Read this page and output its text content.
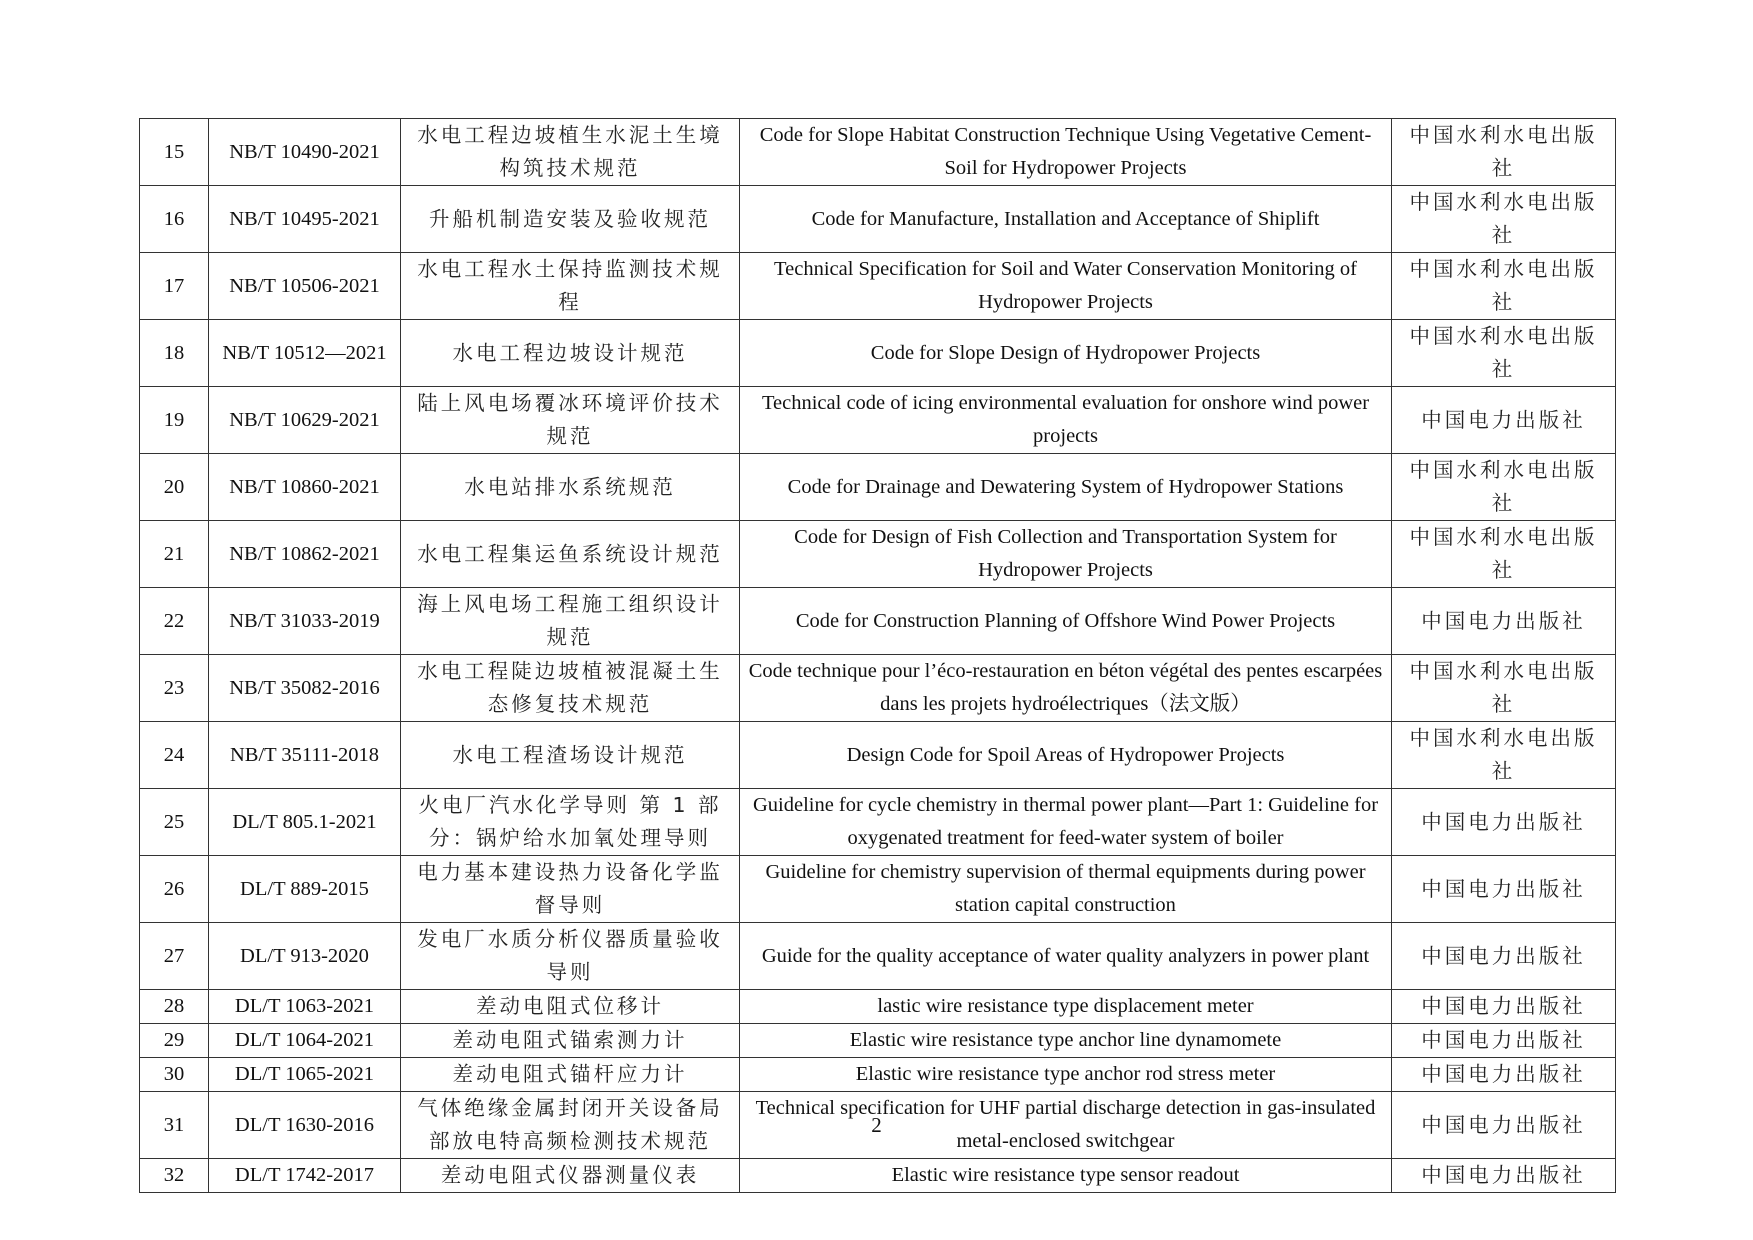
15	NB/T 10490-2021	水电工程边坡植生水泥土生境构筑技术规范	Code for Slope Habitat Construction Technique Using Vegetative Cement-Soil for Hydropower Projects	中国水利水电出版社
16	NB/T 10495-2021	升船机制造安装及验收规范	Code for Manufacture, Installation and Acceptance of Shiplift	中国水利水电出版社
17	NB/T 10506-2021	水电工程水土保持监测技术规程	Technical Specification for Soil and Water Conservation Monitoring of Hydropower Projects	中国水利水电出版社
18	NB/T 10512—2021	水电工程边坡设计规范	Code for Slope Design of Hydropower Projects	中国水利水电出版社
19	NB/T 10629-2021	陆上风电场覆冰环境评价技术规范	Technical code of icing environmental evaluation for onshore wind power projects	中国电力出版社
20	NB/T 10860-2021	水电站排水系统规范	Code for Drainage and Dewatering System of Hydropower Stations	中国水利水电出版社
21	NB/T 10862-2021	水电工程集运鱼系统设计规范	Code for Design of Fish Collection and Transportation System for Hydropower Projects	中国水利水电出版社
22	NB/T 31033-2019	海上风电场工程施工组织设计规范	Code for Construction Planning of Offshore Wind Power Projects	中国电力出版社
23	NB/T 35082-2016	水电工程陡边坡植被混凝土生态修复技术规范	Code technique pour l’éco-restauration en béton végétal des pentes escarpées dans les projets hydroélectriques（法文版）	中国水利水电出版社
24	NB/T 35111-2018	水电工程渣场设计规范	Design Code for Spoil Areas of Hydropower Projects	中国水利水电出版社
25	DL/T 805.1-2021	火电厂汽水化学导则 第 1 部分：锅炉给水加氧处理导则	Guideline for cycle chemistry in thermal power plant—Part 1: Guideline for oxygenated treatment for feed-water system of boiler	中国电力出版社
26	DL/T 889-2015	电力基本建设热力设备化学监督导则	Guideline for chemistry supervision of thermal equipments during power station capital construction	中国电力出版社
27	DL/T 913-2020	发电厂水质分析仪器质量验收导则	Guide for the quality acceptance of water quality analyzers in power plant	中国电力出版社
28	DL/T 1063-2021	差动电阻式位移计	lastic wire resistance type displacement meter	中国电力出版社
29	DL/T 1064-2021	差动电阻式锚索测力计	Elastic wire resistance type anchor line dynamomete	中国电力出版社
30	DL/T 1065-2021	差动电阻式锚杆应力计	Elastic wire resistance type anchor rod stress meter	中国电力出版社
31	DL/T 1630-2016	气体绝缘金属封闭开关设备局部放电特高频检测技术规范	Technical specification for UHF partial discharge detection in gas-insulated metal-enclosed switchgear	中国电力出版社
32	DL/T 1742-2017	差动电阻式仪器测量仪表	Elastic wire resistance type sensor readout	中国电力出版社
2
